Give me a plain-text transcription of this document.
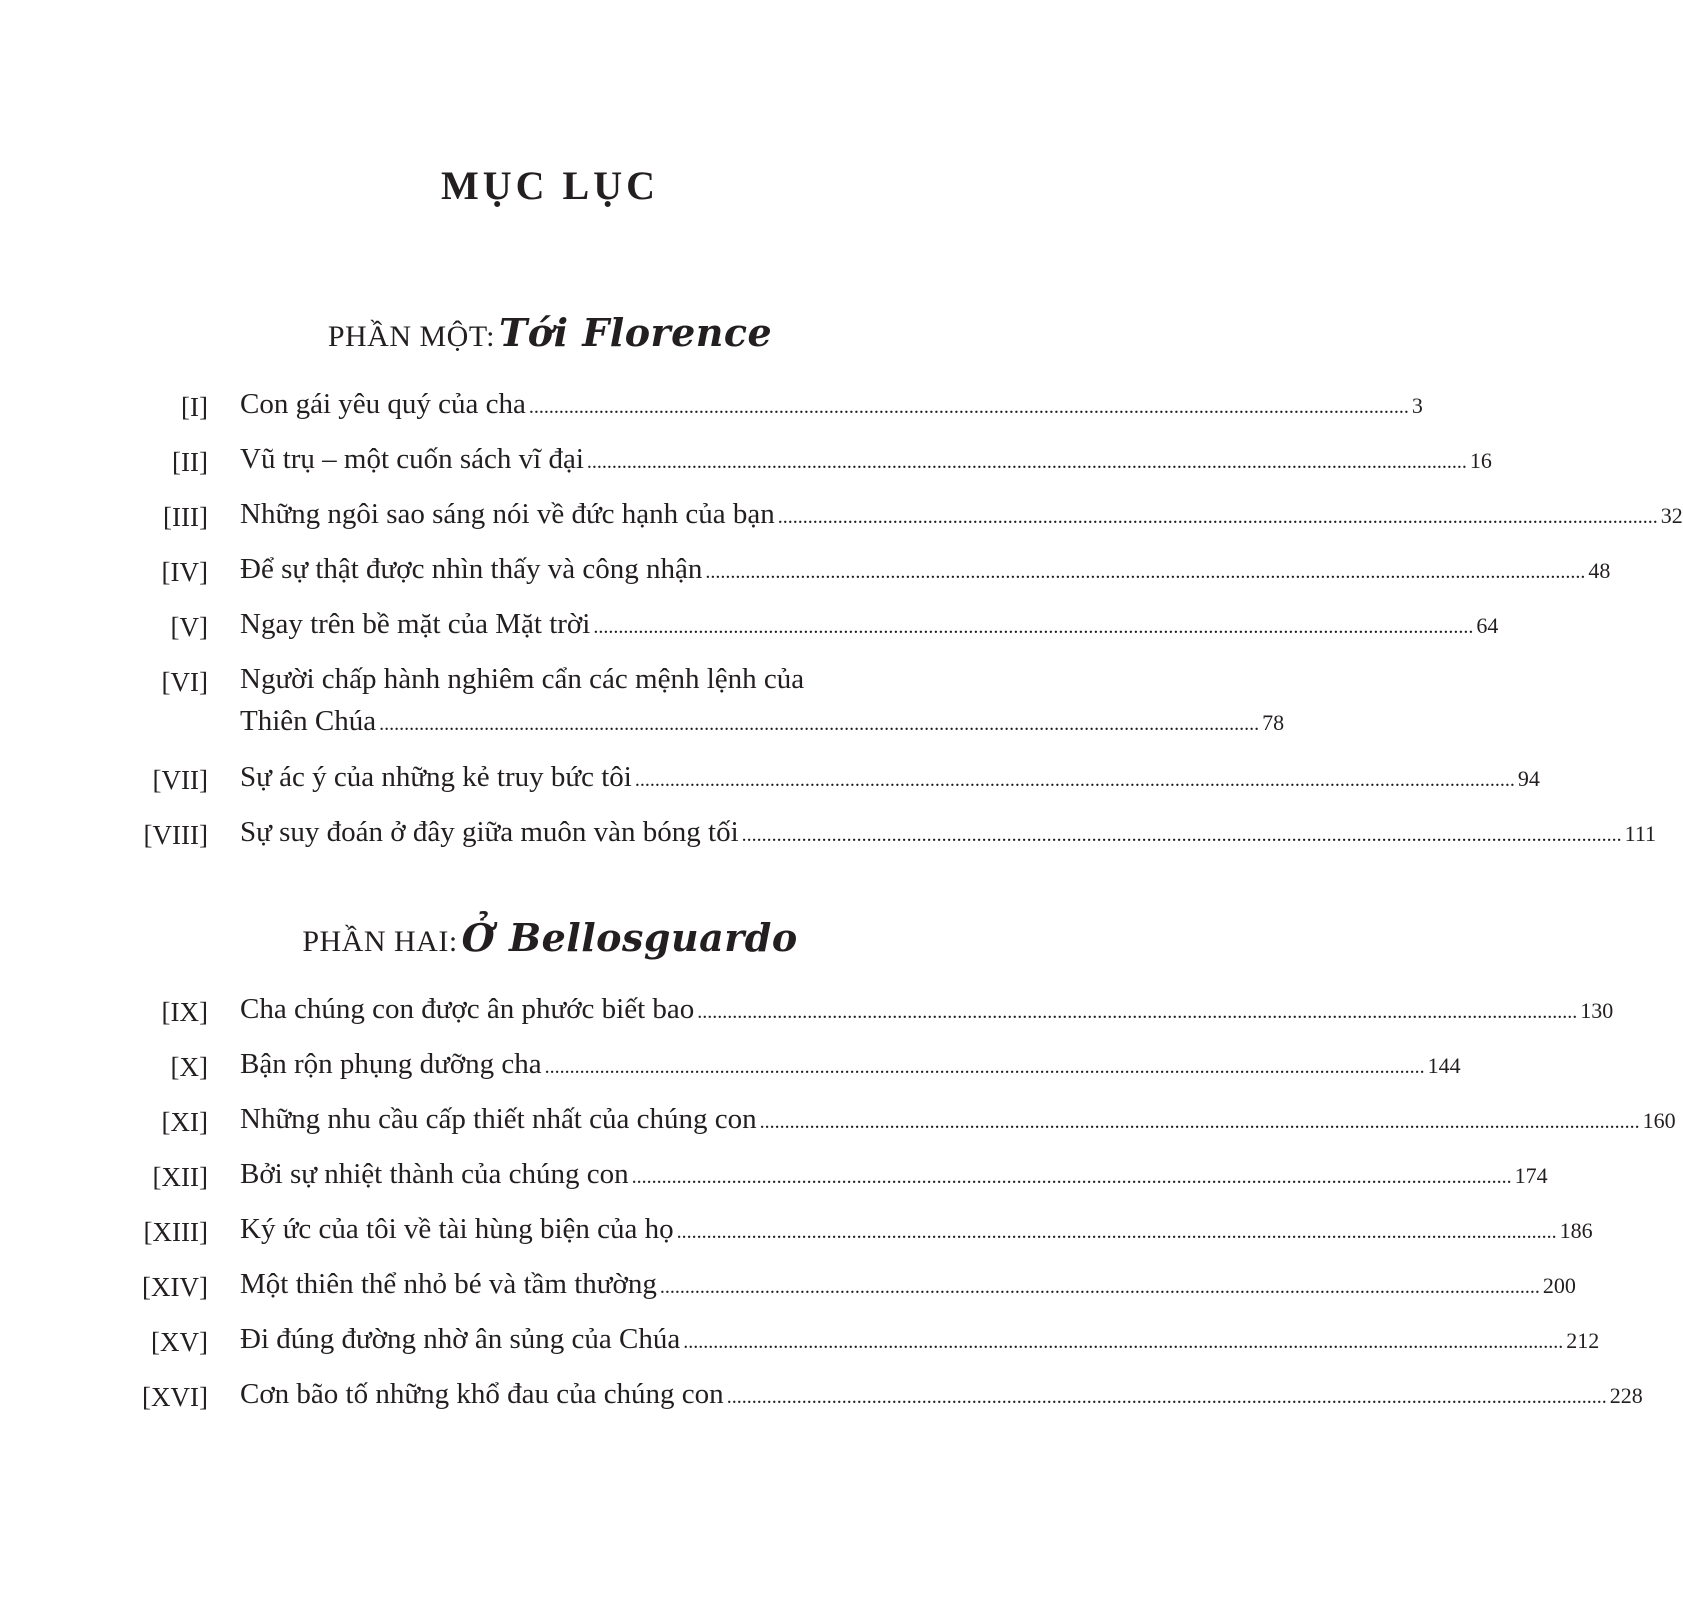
MỤC LỤC
PHẦN MỘT: Tới Florence
[I] Con gái yêu quý của cha ................................................................................................................................................................................ 3
[II] Vũ trụ – một cuốn sách vĩ đại ................................................................................................................................................................................ 16
[III] Những ngôi sao sáng nói về đức hạnh của bạn ................................................................................................................................................................................ 32
[IV] Để sự thật được nhìn thấy và công nhận ................................................................................................................................................................................ 48
[V] Ngay trên bề mặt của Mặt trời ................................................................................................................................................................................ 64
[VI] Người chấp hành nghiêm cẩn các mệnh lệnh của
Thiên Chúa ................................................................................................................................................................................ 78
[VII] Sự ác ý của những kẻ truy bức tôi ................................................................................................................................................................................ 94
[VIII] Sự suy đoán ở đây giữa muôn vàn bóng tối ................................................................................................................................................................................ 111
PHẦN HAI: Ở Bellosguardo
[IX] Cha chúng con được ân phước biết bao ................................................................................................................................................................................ 130
[X] Bận rộn phụng dưỡng cha ................................................................................................................................................................................ 144
[XI] Những nhu cầu cấp thiết nhất của chúng con ................................................................................................................................................................................ 160
[XII] Bởi sự nhiệt thành của chúng con ................................................................................................................................................................................ 174
[XIII] Ký ức của tôi về tài hùng biện của họ ................................................................................................................................................................................ 186
[XIV] Một thiên thể nhỏ bé và tầm thường ................................................................................................................................................................................ 200
[XV] Đi đúng đường nhờ ân sủng của Chúa ................................................................................................................................................................................ 212
[XVI] Cơn bão tố những khổ đau của chúng con ................................................................................................................................................................................ 228
